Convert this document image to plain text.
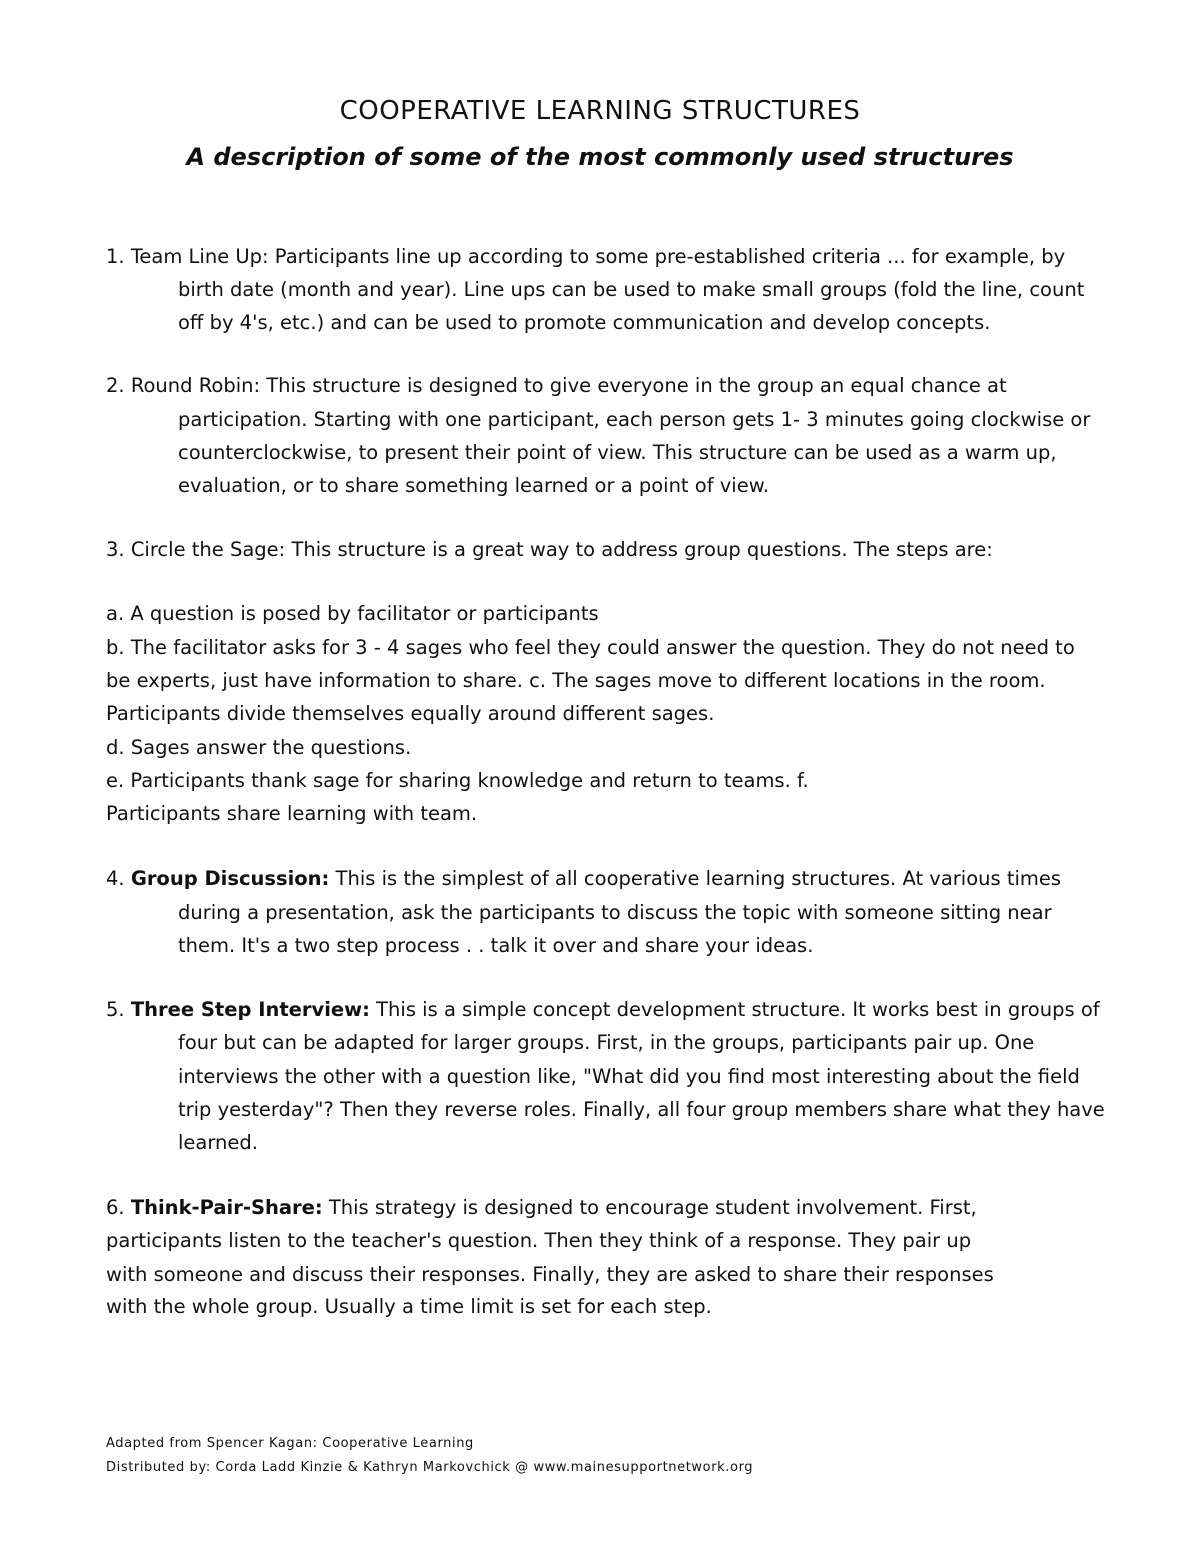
COOPERATIVE LEARNING STRUCTURES
A description of some of the most commonly used structures
1. Team Line Up: Participants line up according to some pre-established criteria ... for example, by
birth date (month and year). Line ups can be used to make small groups (fold the line, count
off by 4's, etc.) and can be used to promote communication and develop concepts.
2. Round Robin: This structure is designed to give everyone in the group an equal chance at
participation. Starting with one participant, each person gets 1- 3 minutes going clockwise or
counterclockwise, to present their point of view. This structure can be used as a warm up,
evaluation, or to share something learned or a point of view.
3. Circle the Sage: This structure is a great way to address group questions. The steps are:
a. A question is posed by facilitator or participants
b. The facilitator asks for 3 - 4 sages who feel they could answer the question. They do not need to
be experts, just have information to share. c. The sages move to different locations in the room.
Participants divide themselves equally around different sages.
d. Sages answer the questions.
e. Participants thank sage for sharing knowledge and return to teams. f.
Participants share learning with team.
4. Group Discussion: This is the simplest of all cooperative learning structures. At various times
during a presentation, ask the participants to discuss the topic with someone sitting near
them. It's a two step process . . talk it over and share your ideas.
5. Three Step Interview: This is a simple concept development structure. It works best in groups of
four but can be adapted for larger groups. First, in the groups, participants pair up. One
interviews the other with a question like, "What did you find most interesting about the field
trip yesterday"? Then they reverse roles. Finally, all four group members share what they have
learned.
6. Think-Pair-Share: This strategy is designed to encourage student involvement. First,
participants listen to the teacher's question. Then they think of a response. They pair up
with someone and discuss their responses. Finally, they are asked to share their responses
with the whole group. Usually a time limit is set for each step.
Adapted from Spencer Kagan: Cooperative Learning
Distributed by: Corda Ladd Kinzie & Kathryn Markovchick @ www.mainesupportnetwork.org
